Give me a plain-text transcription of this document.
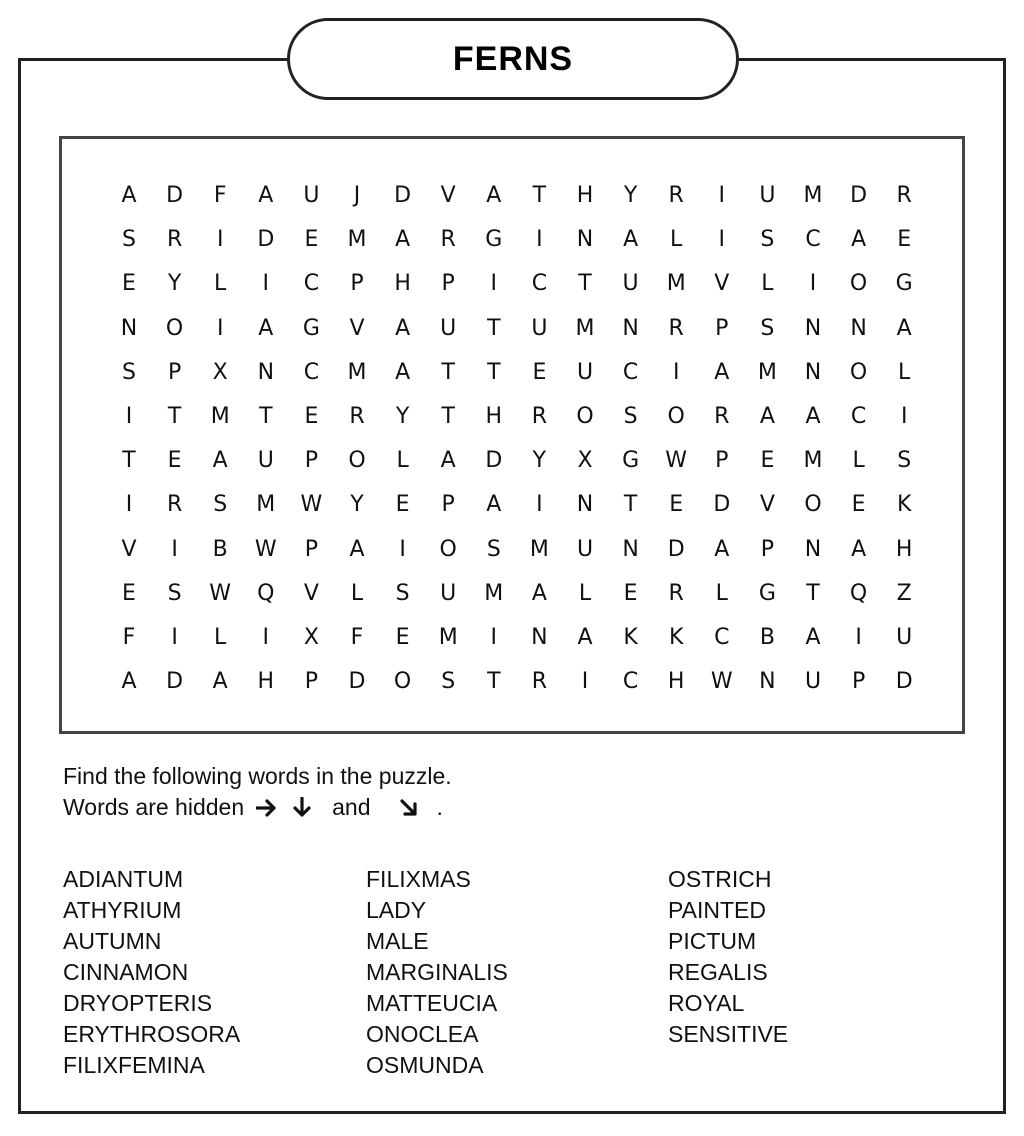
FERNS
A	D	F	A	U	J	D	V	A	T	H	Y	R	I	U	M	D	R
S	R	I	D	E	M	A	R	G	I	N	A	L	I	S	C	A	E
E	Y	L	I	C	P	H	P	I	C	T	U	M	V	L	I	O	G
N	O	I	A	G	V	A	U	T	U	M	N	R	P	S	N	N	A
S	P	X	N	C	M	A	T	T	E	U	C	I	A	M	N	O	L
I	T	M	T	E	R	Y	T	H	R	O	S	O	R	A	A	C	I
T	E	A	U	P	O	L	A	D	Y	X	G	W	P	E	M	L	S
I	R	S	M	W	Y	E	P	A	I	N	T	E	D	V	O	E	K
V	I	B	W	P	A	I	O	S	M	U	N	D	A	P	N	A	H
E	S	W	Q	V	L	S	U	M	A	L	E	R	L	G	T	Q	Z
F	I	L	I	X	F	E	M	I	N	A	K	K	C	B	A	I	U
A	D	A	H	P	D	O	S	T	R	I	C	H	W	N	U	P	D
Find the following words in the puzzle.
Words are hidden	and	.
ADIANTUM
ATHYRIUM
AUTUMN
CINNAMON
DRYOPTERIS
ERYTHROSORA
FILIXFEMINA
FILIXMAS
LADY
MALE
MARGINALIS
MATTEUCIA
ONOCLEA
OSMUNDA
OSTRICH
PAINTED
PICTUM
REGALIS
ROYAL
SENSITIVE
